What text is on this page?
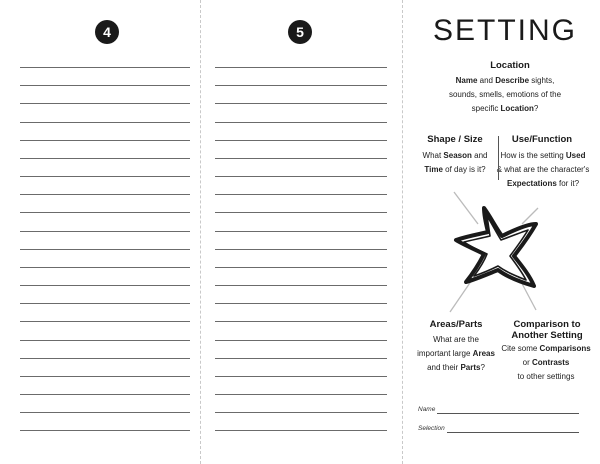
4	5	SETTING
Location
Name and Describe sights,
sounds, smells, emotions of the
specific Location?
Shape / Size
What Season and
Time of day is it?
Use/Function
How is the setting Used
& what are the character's
Expectations for it?
Areas/Parts
What are the
important large Areas
and their Parts?
Comparison to
Another Setting
Cite some Comparisons
or Contrasts
to other settings
Name
Selection
